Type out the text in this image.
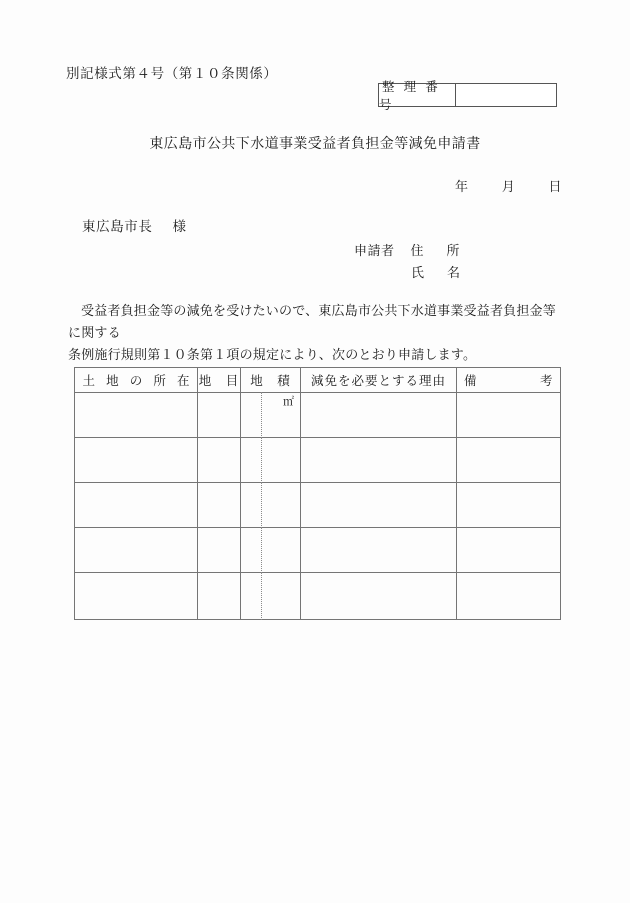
別記様式第４号（第１０条関係）
整 理 番 号
東広島市公共下水道事業受益者負担金等減免申請書
年	月	日
東広島市長 様
申請者 住　所
氏　名
受益者負担金等の減免を受けたいので、東広島市公共下水道事業受益者負担金等に関する
条例施行規則第１０条第１項の規定により、次のとおり申請します。
土 地 の 所 在	地　目	地　積	減免を必要とする理由	備 考

		㎡		
